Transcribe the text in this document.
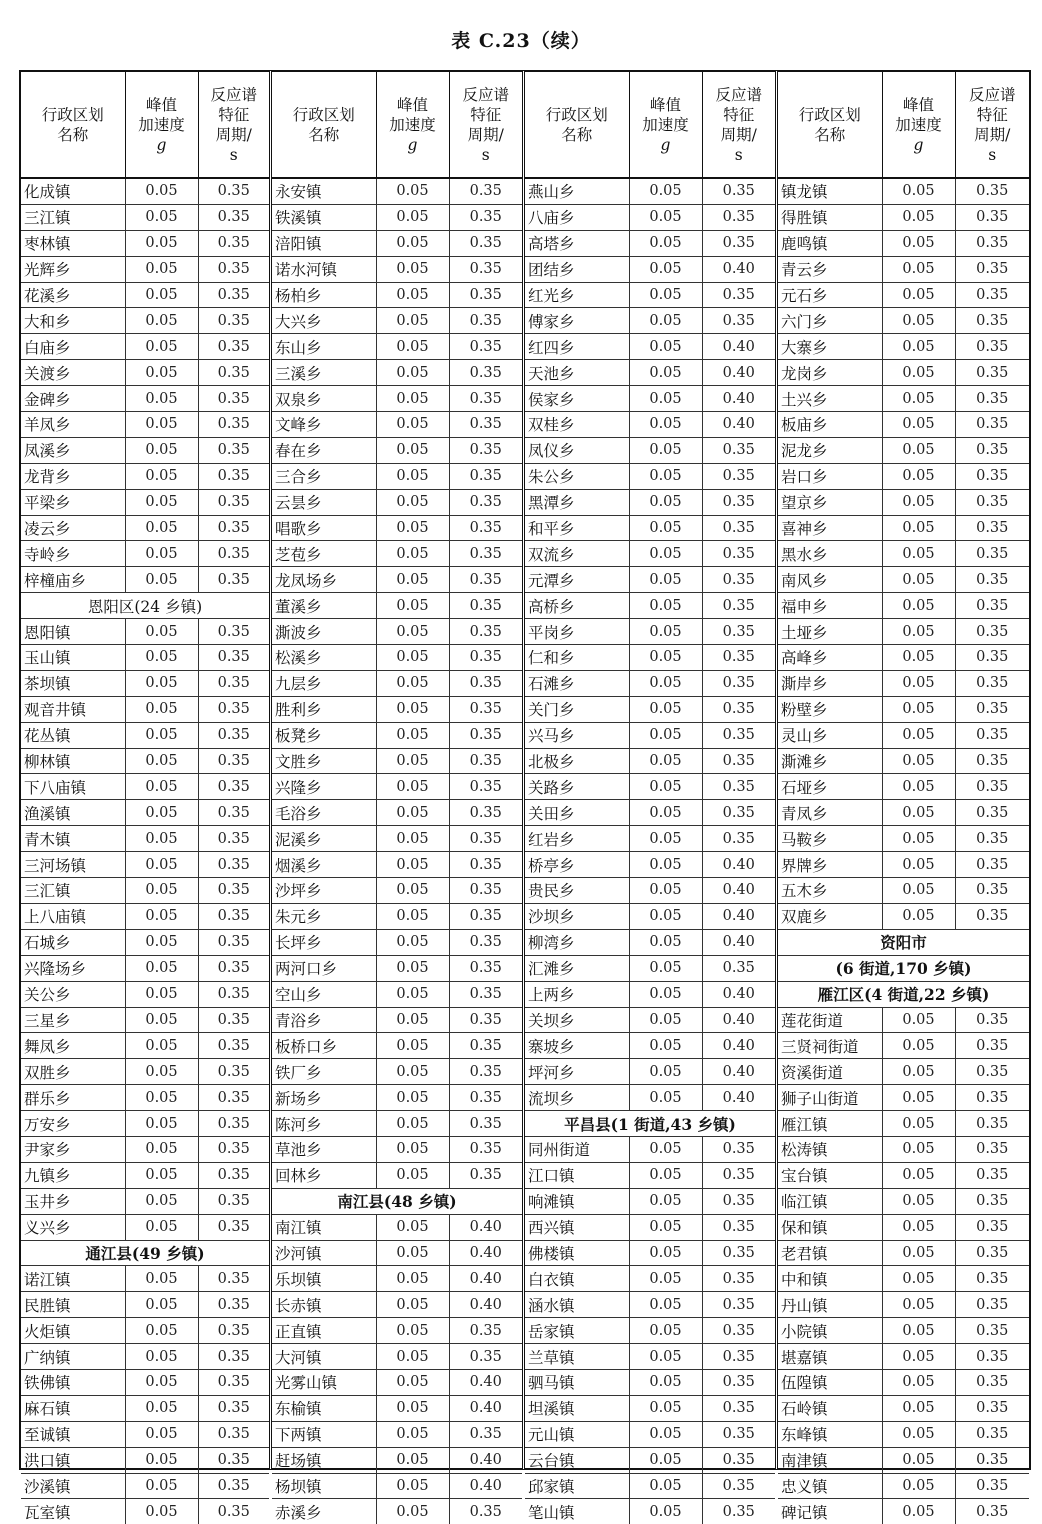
表 C.23（续）
行政区划
名称	峰值
加速度
g	反应谱
特征
周期/
s
化成镇	0.05	0.35
三江镇	0.05	0.35
枣林镇	0.05	0.35
光辉乡	0.05	0.35
花溪乡	0.05	0.35
大和乡	0.05	0.35
白庙乡	0.05	0.35
关渡乡	0.05	0.35
金碑乡	0.05	0.35
羊凤乡	0.05	0.35
凤溪乡	0.05	0.35
龙背乡	0.05	0.35
平梁乡	0.05	0.35
凌云乡	0.05	0.35
寺岭乡	0.05	0.35
梓橦庙乡	0.05	0.35
恩阳区(24 乡镇)		
恩阳镇	0.05	0.35
玉山镇	0.05	0.35
茶坝镇	0.05	0.35
观音井镇	0.05	0.35
花丛镇	0.05	0.35
柳林镇	0.05	0.35
下八庙镇	0.05	0.35
渔溪镇	0.05	0.35
青木镇	0.05	0.35
三河场镇	0.05	0.35
三汇镇	0.05	0.35
上八庙镇	0.05	0.35
石城乡	0.05	0.35
兴隆场乡	0.05	0.35
关公乡	0.05	0.35
三星乡	0.05	0.35
舞凤乡	0.05	0.35
双胜乡	0.05	0.35
群乐乡	0.05	0.35
万安乡	0.05	0.35
尹家乡	0.05	0.35
九镇乡	0.05	0.35
玉井乡	0.05	0.35
义兴乡	0.05	0.35
通江县(49 乡镇)		
诺江镇	0.05	0.35
民胜镇	0.05	0.35
火炬镇	0.05	0.35
广纳镇	0.05	0.35
铁佛镇	0.05	0.35
麻石镇	0.05	0.35
至诚镇	0.05	0.35
洪口镇	0.05	0.35
沙溪镇	0.05	0.35
瓦室镇	0.05	0.35
行政区划
名称	峰值
加速度
g	反应谱
特征
周期/
s
永安镇	0.05	0.35
铁溪镇	0.05	0.35
涪阳镇	0.05	0.35
诺水河镇	0.05	0.35
杨柏乡	0.05	0.35
大兴乡	0.05	0.35
东山乡	0.05	0.35
三溪乡	0.05	0.35
双泉乡	0.05	0.35
文峰乡	0.05	0.35
春在乡	0.05	0.35
三合乡	0.05	0.35
云昙乡	0.05	0.35
唱歌乡	0.05	0.35
芝苞乡	0.05	0.35
龙凤场乡	0.05	0.35
董溪乡	0.05	0.35
澌波乡	0.05	0.35
松溪乡	0.05	0.35
九层乡	0.05	0.35
胜利乡	0.05	0.35
板凳乡	0.05	0.35
文胜乡	0.05	0.35
兴隆乡	0.05	0.35
毛浴乡	0.05	0.35
泥溪乡	0.05	0.35
烟溪乡	0.05	0.35
沙坪乡	0.05	0.35
朱元乡	0.05	0.35
长坪乡	0.05	0.35
两河口乡	0.05	0.35
空山乡	0.05	0.35
青浴乡	0.05	0.35
板桥口乡	0.05	0.35
铁厂乡	0.05	0.35
新场乡	0.05	0.35
陈河乡	0.05	0.35
草池乡	0.05	0.35
回林乡	0.05	0.35
南江县(48 乡镇)		
南江镇	0.05	0.40
沙河镇	0.05	0.40
乐坝镇	0.05	0.40
长赤镇	0.05	0.40
正直镇	0.05	0.35
大河镇	0.05	0.35
光雾山镇	0.05	0.40
东榆镇	0.05	0.40
下两镇	0.05	0.35
赶场镇	0.05	0.40
杨坝镇	0.05	0.40
赤溪乡	0.05	0.35
行政区划
名称	峰值
加速度
g	反应谱
特征
周期/
s
燕山乡	0.05	0.35
八庙乡	0.05	0.35
高塔乡	0.05	0.35
团结乡	0.05	0.40
红光乡	0.05	0.35
傅家乡	0.05	0.35
红四乡	0.05	0.40
天池乡	0.05	0.40
侯家乡	0.05	0.40
双桂乡	0.05	0.40
凤仪乡	0.05	0.35
朱公乡	0.05	0.35
黑潭乡	0.05	0.35
和平乡	0.05	0.35
双流乡	0.05	0.35
元潭乡	0.05	0.35
高桥乡	0.05	0.35
平岗乡	0.05	0.35
仁和乡	0.05	0.35
石滩乡	0.05	0.35
关门乡	0.05	0.35
兴马乡	0.05	0.35
北极乡	0.05	0.35
关路乡	0.05	0.35
关田乡	0.05	0.35
红岩乡	0.05	0.35
桥亭乡	0.05	0.40
贵民乡	0.05	0.40
沙坝乡	0.05	0.40
柳湾乡	0.05	0.40
汇滩乡	0.05	0.35
上两乡	0.05	0.40
关坝乡	0.05	0.40
寨坡乡	0.05	0.40
坪河乡	0.05	0.40
流坝乡	0.05	0.40
平昌县(1 街道,43 乡镇)		
同州街道	0.05	0.35
江口镇	0.05	0.35
响滩镇	0.05	0.35
西兴镇	0.05	0.35
佛楼镇	0.05	0.35
白衣镇	0.05	0.35
涵水镇	0.05	0.35
岳家镇	0.05	0.35
兰草镇	0.05	0.35
驷马镇	0.05	0.35
坦溪镇	0.05	0.35
元山镇	0.05	0.35
云台镇	0.05	0.35
邱家镇	0.05	0.35
笔山镇	0.05	0.35
行政区划
名称	峰值
加速度
g	反应谱
特征
周期/
s
镇龙镇	0.05	0.35
得胜镇	0.05	0.35
鹿鸣镇	0.05	0.35
青云乡	0.05	0.35
元石乡	0.05	0.35
六门乡	0.05	0.35
大寨乡	0.05	0.35
龙岗乡	0.05	0.35
土兴乡	0.05	0.35
板庙乡	0.05	0.35
泥龙乡	0.05	0.35
岩口乡	0.05	0.35
望京乡	0.05	0.35
喜神乡	0.05	0.35
黑水乡	0.05	0.35
南风乡	0.05	0.35
福申乡	0.05	0.35
土垭乡	0.05	0.35
高峰乡	0.05	0.35
澌岸乡	0.05	0.35
粉壁乡	0.05	0.35
灵山乡	0.05	0.35
澌滩乡	0.05	0.35
石垭乡	0.05	0.35
青凤乡	0.05	0.35
马鞍乡	0.05	0.35
界牌乡	0.05	0.35
五木乡	0.05	0.35
双鹿乡	0.05	0.35
资阳市		
(6 街道,170 乡镇)		
雁江区(4 街道,22 乡镇)		
莲花街道	0.05	0.35
三贤祠街道	0.05	0.35
资溪街道	0.05	0.35
狮子山街道	0.05	0.35
雁江镇	0.05	0.35
松涛镇	0.05	0.35
宝台镇	0.05	0.35
临江镇	0.05	0.35
保和镇	0.05	0.35
老君镇	0.05	0.35
中和镇	0.05	0.35
丹山镇	0.05	0.35
小院镇	0.05	0.35
堪嘉镇	0.05	0.35
伍隍镇	0.05	0.35
石岭镇	0.05	0.35
东峰镇	0.05	0.35
南津镇	0.05	0.35
忠义镇	0.05	0.35
碑记镇	0.05	0.35
